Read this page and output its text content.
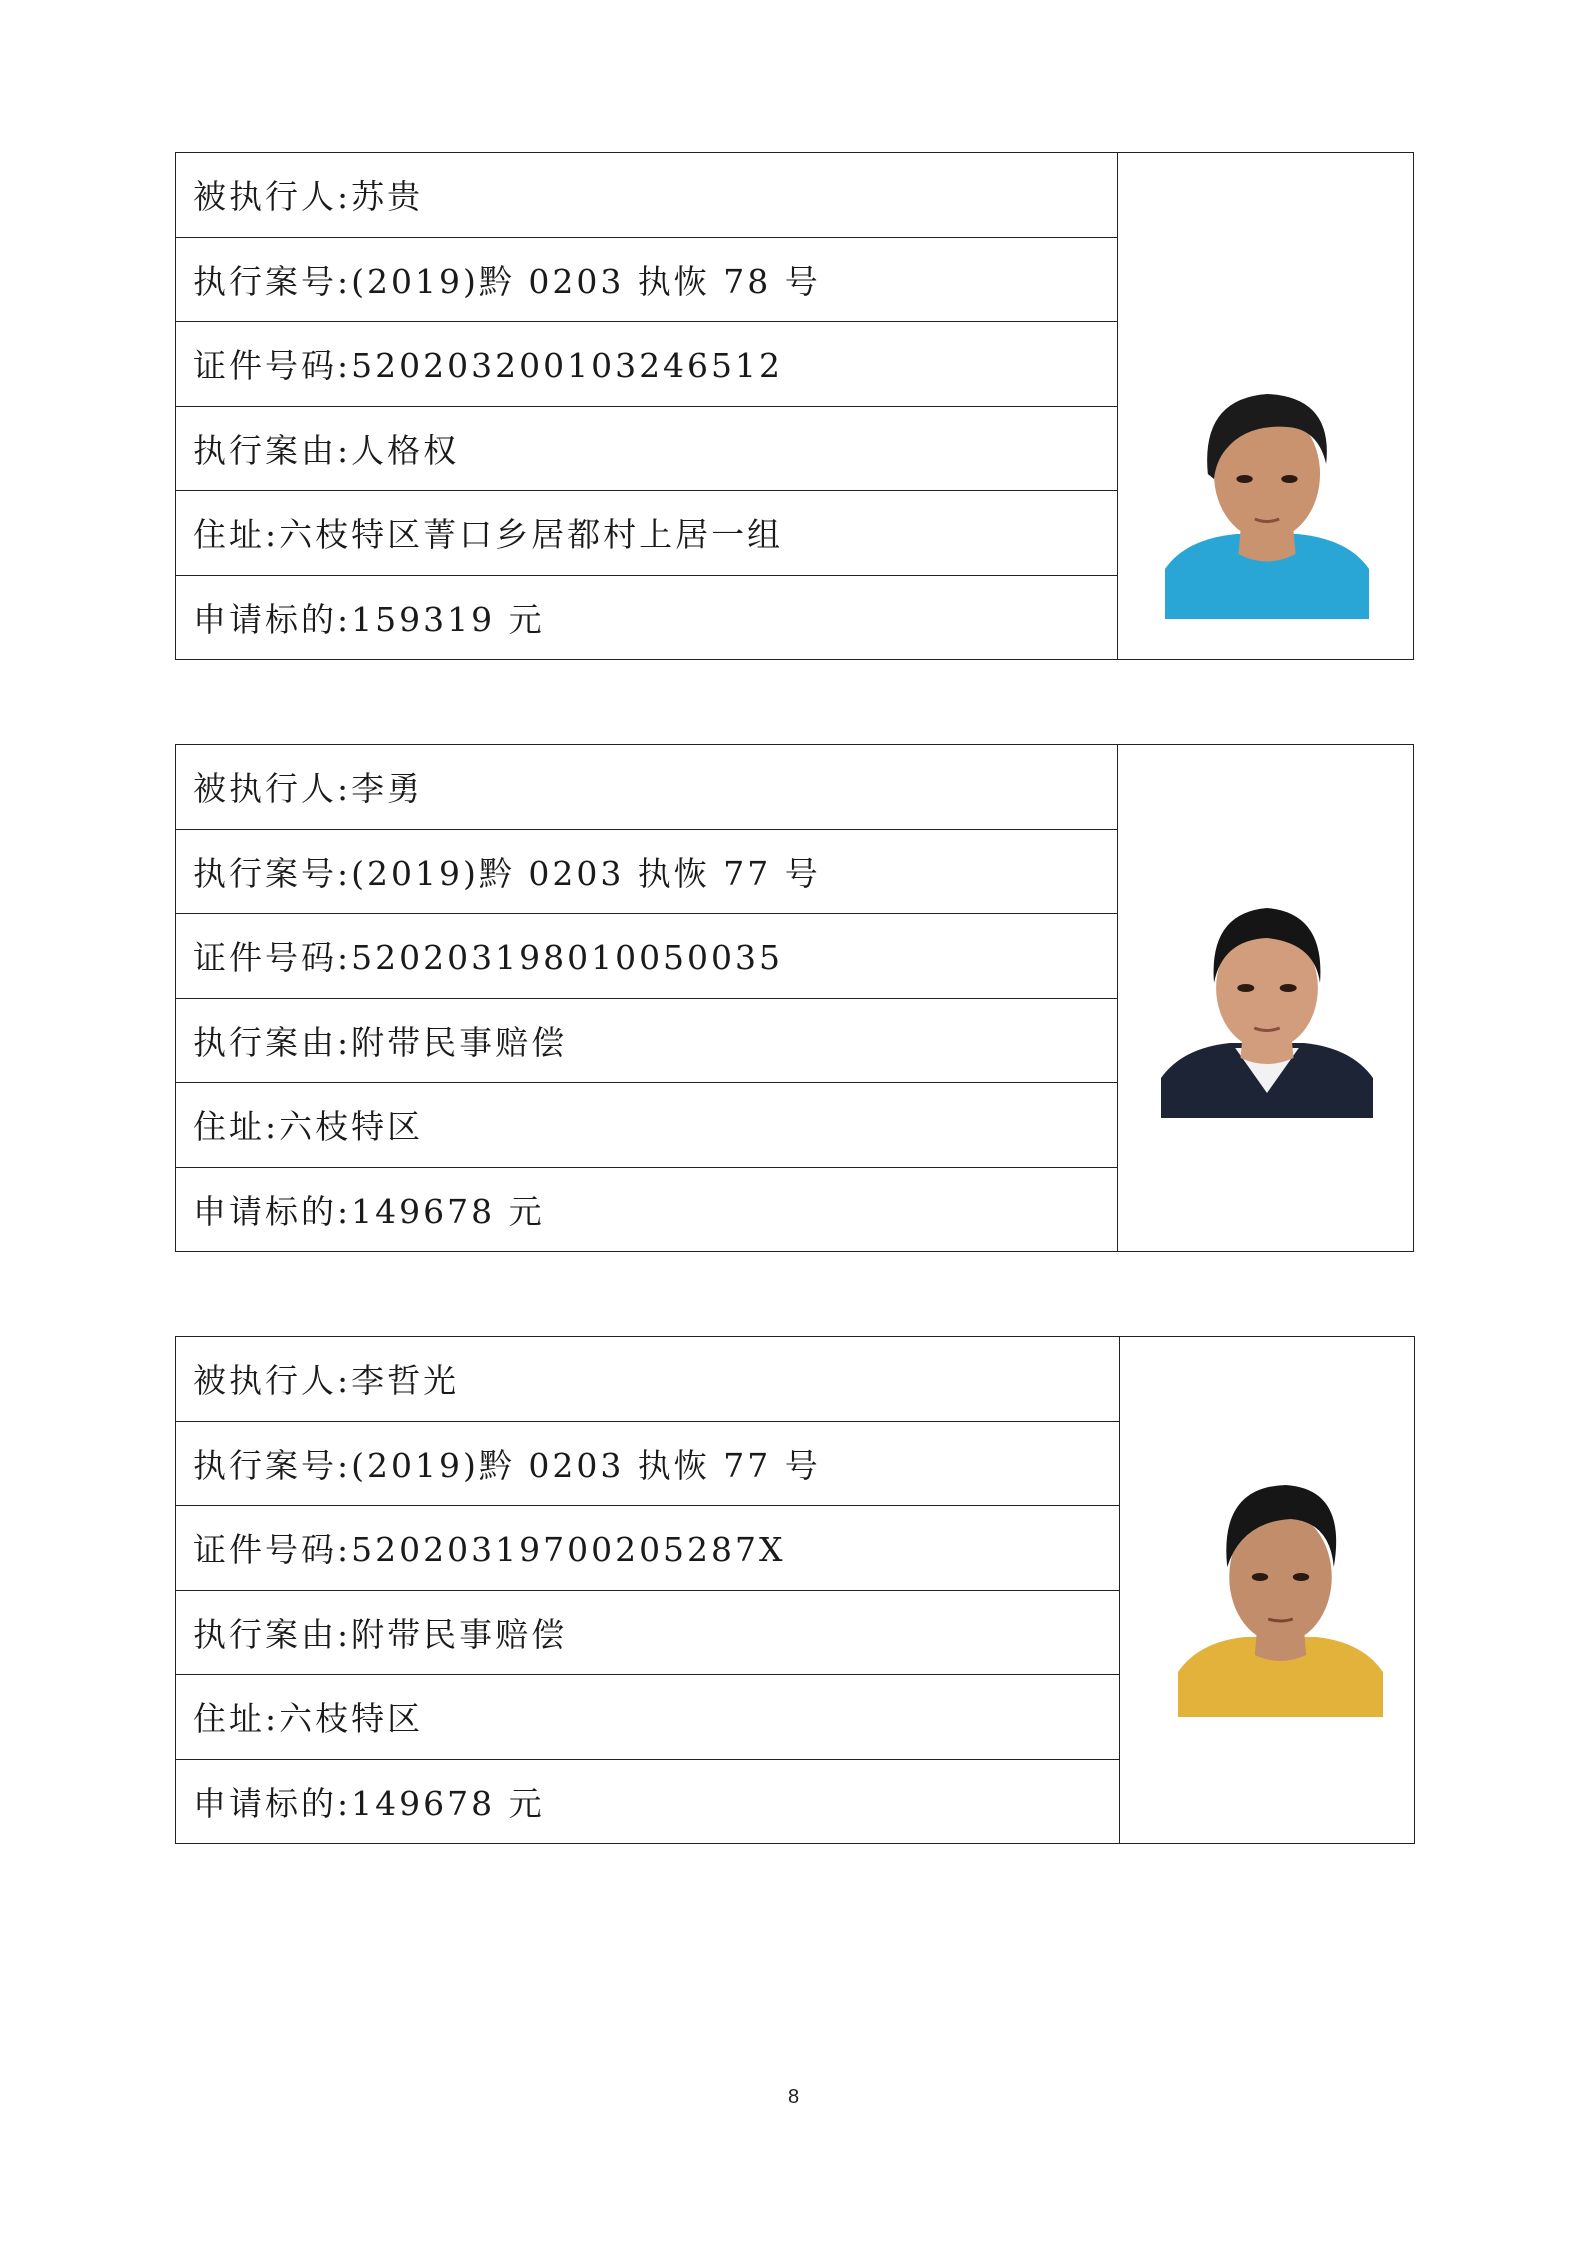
被执行人:苏贵
执行案号:(2019)黔 0203 执恢 78 号
证件号码:520203200103246512
执行案由:人格权
住址:六枝特区菁口乡居都村上居一组
申请标的:159319 元
被执行人:李勇
执行案号:(2019)黔 0203 执恢 77 号
证件号码:520203198010050035
执行案由:附带民事赔偿
住址:六枝特区
申请标的:149678 元
被执行人:李哲光
执行案号:(2019)黔 0203 执恢 77 号
证件号码:52020319700205287X
执行案由:附带民事赔偿
住址:六枝特区
申请标的:149678 元
8
